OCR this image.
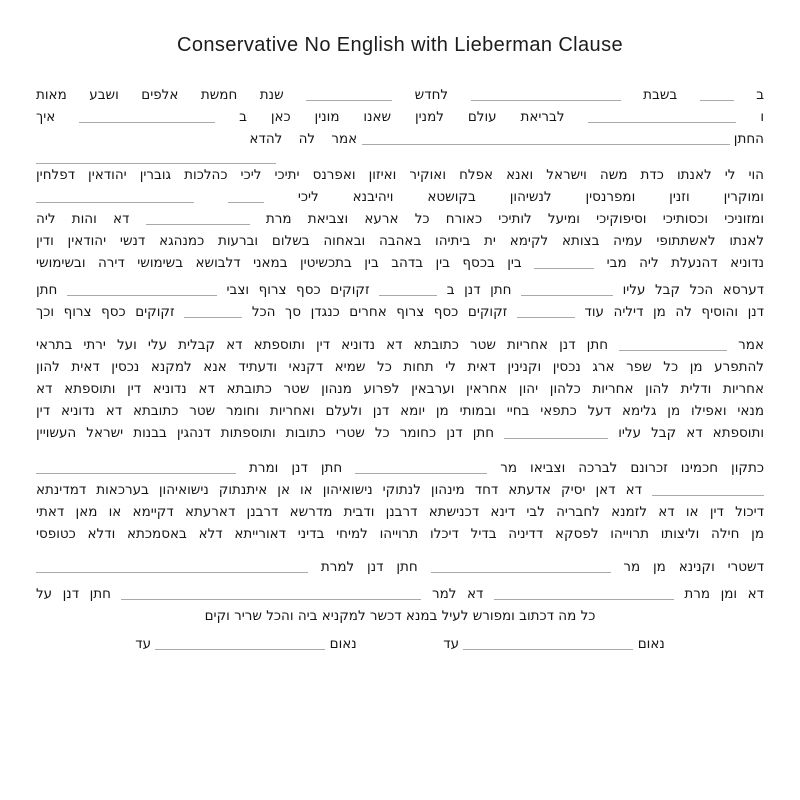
Conservative No English with Lieberman Clause
ב  בשבת  לחדש  שנת חמשת אלפים ושבע מאות
ו  לבריאת עולם למנין שאנו מונין כאן ב  איך
החתן  אמר לה להדא
הוי לי לאנתו כדת משה וישראל ואנא אפלח ואוקיר ואיזון ואפרנס יתיכי ליכי כהלכות גוברין יהודאין דפלחין
ומוקרין וזנין ומפרנסין לנשיהון בקושטא ויהיבנא ליכי
ומזוניכי וכסותיכי וסיפוקיכי ומיעל לותיכי כאורח כל ארעא וצביאת מרת  דא והות ליה
לאנתו לאשתתופי עמיה בצותא לקימא ית ביתיהו באהבה ובאחוה בשלום וברעות כמנהגא דנשי יהודאין ודין
נדוניא דהנעלת ליה מבי  בין בכסף בין בדהב בין בתכשיטין במאני דלבושא בשימושי דירה ובשימושי
דערסא הכל קבל עליו  חתן דנן ב  זקוקים כסף צרוף וצבי  חתן
דנן והוסיף לה מן דיליה עוד  זקוקים כסף צרוף אחרים כנגדן סך הכל  זקוקים כסף צרוף וכך
אמר  חתן דנן אחריות שטר כתובתא דא נדוניא דין ותוספתא דא קבלית עלי ועל ירתי בתראי
להתפרע מן כל שפר ארג נכסין וקנינין דאית לי תחות כל שמיא דקנאי ודעתיד אנא למקנא נכסין דאית להון
אחריות ודלית להון אחריות כלהון יהון אחראין וערבאין לפרוע מנהון שטר כתובתא דא נדוניא דין ותוספתא דא
מנאי ואפילו מן גלימא דעל כתפאי בחיי ובמותי מן יומא דנן ולעלם ואחריות וחומר שטר כתובתא דא נדוניא דין
ותוספתא דא קבל עליו  חתן דנן כחומר כל שטרי כתובות ותוספתות דנהגין בבנות ישראל העשויין
כתקון חכמינו זכרונם לברכה וצביאו מר  חתן דנן ומרת
דא דאן יסיק אדעתא דחד מינהון לנתוקי נישואיהון או אן איתנתוק נישואיהון בערכאות דמדינתא
דיכול דין או דא לזמנא לחבריה לבי דינא דכנישתא דרבנן ודבית מדרשא דרבנן דארעתא דקיימא או מאן דאתי
מן חילה וליצותו תרוייהו לפסקא דדיניה בדיל דיכלו תרוייהו למיחי בדיני דאורייתא דלא באסמכתא ודלא כטופסי
דשטרי וקנינא מן מר  חתן דנן למרת
דא ומן מרת  דא למר  חתן דנן על
כל מה דכתוב ומפורש לעיל במנא דכשר למקניא ביה והכל שריר וקים
נאום  עד  נאום  עד
